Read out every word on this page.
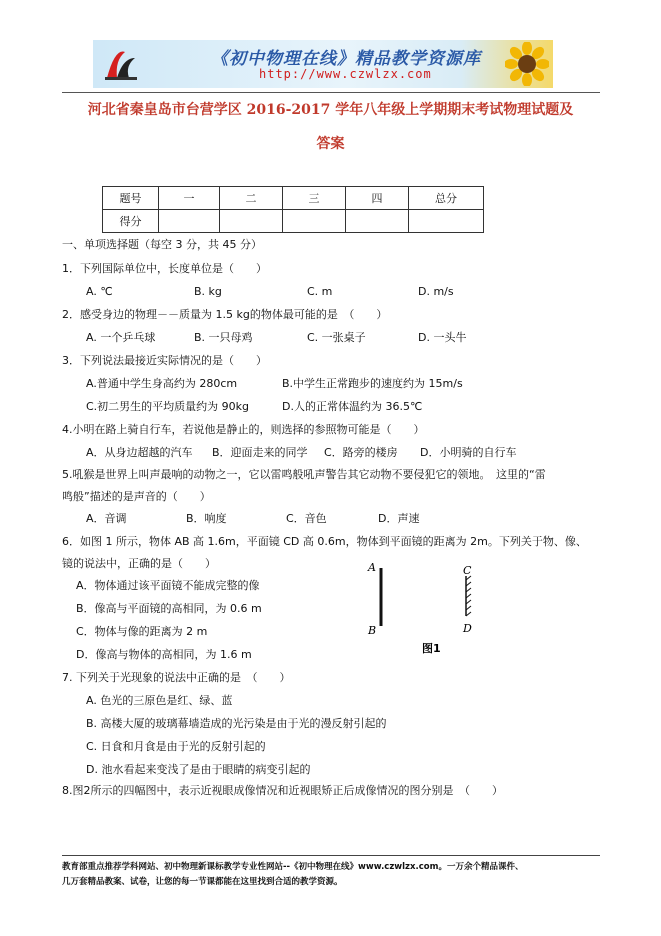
《初中物理在线》精品教学资源库
http://www.czwlzx.com
河北省秦皇岛市台营学区 2016-2017 学年八年级上学期期末考试物理试题及
答案
题号	一	二	三	四	总分
得分					
一、单项选择题（每空 3 分，共 45 分）
1．下列国际单位中，长度单位是（　　）
A. ℃	B. kg	C. m	D. m/s
2．感受身边的物理－－质量为 1.5 kg的物体最可能的是　（　　）
A. 一个乒乓球	B. 一只母鸡	C. 一张桌子	D. 一头牛
3．下列说法最接近实际情况的是（　　）
A.普通中学生身高约为 280cm	B.中学生正常跑步的速度约为 15m/s
C.初二男生的平均质量约为 90kg	D.人的正常体温约为 36.5℃
4.小明在路上骑自行车，若说他是静止的，则选择的参照物可能是（　　）
A．从身边超越的汽车 B．迎面走来的同学 C．路旁的楼房 D．小明骑的自行车
5.吼猴是世界上叫声最响的动物之一，它以雷鸣般吼声警告其它动物不要侵犯它的领地。　这里的“雷
鸣般”描述的是声音的（　　）
A．音调	B．响度	C．音色	D．声速
6．如图 1 所示，物体 AB 高 1.6m，平面镜 CD 高 0.6m，物体到平面镜的距离为 2m。下列关于物、像、
镜的说法中，正确的是（　　）
A．物体通过该平面镜不能成完整的像
B．像高与平面镜的高相同，为 0.6 m
C．物体与像的距离为 2 m
D．像高与物体的高相同，为 1.6 m
A
B
C
D
图1
7. 下列关于光现象的说法中正确的是　（　　）
A. 色光的三原色是红、绿、蓝
B. 高楼大厦的玻璃幕墙造成的光污染是由于光的漫反射引起的
C. 日食和月食是由于光的反射引起的
D. 池水看起来变浅了是由于眼睛的病变引起的
8.图2所示的四幅图中，表示近视眼成像情况和近视眼矫正后成像情况的图分别是　（　　）
教育部重点推荐学科网站、初中物理新课标教学专业性网站--《初中物理在线》www.czwlzx.com。一万余个精品课件、
几万套精品教案、试卷，让您的每一节课都能在这里找到合适的教学资源。
